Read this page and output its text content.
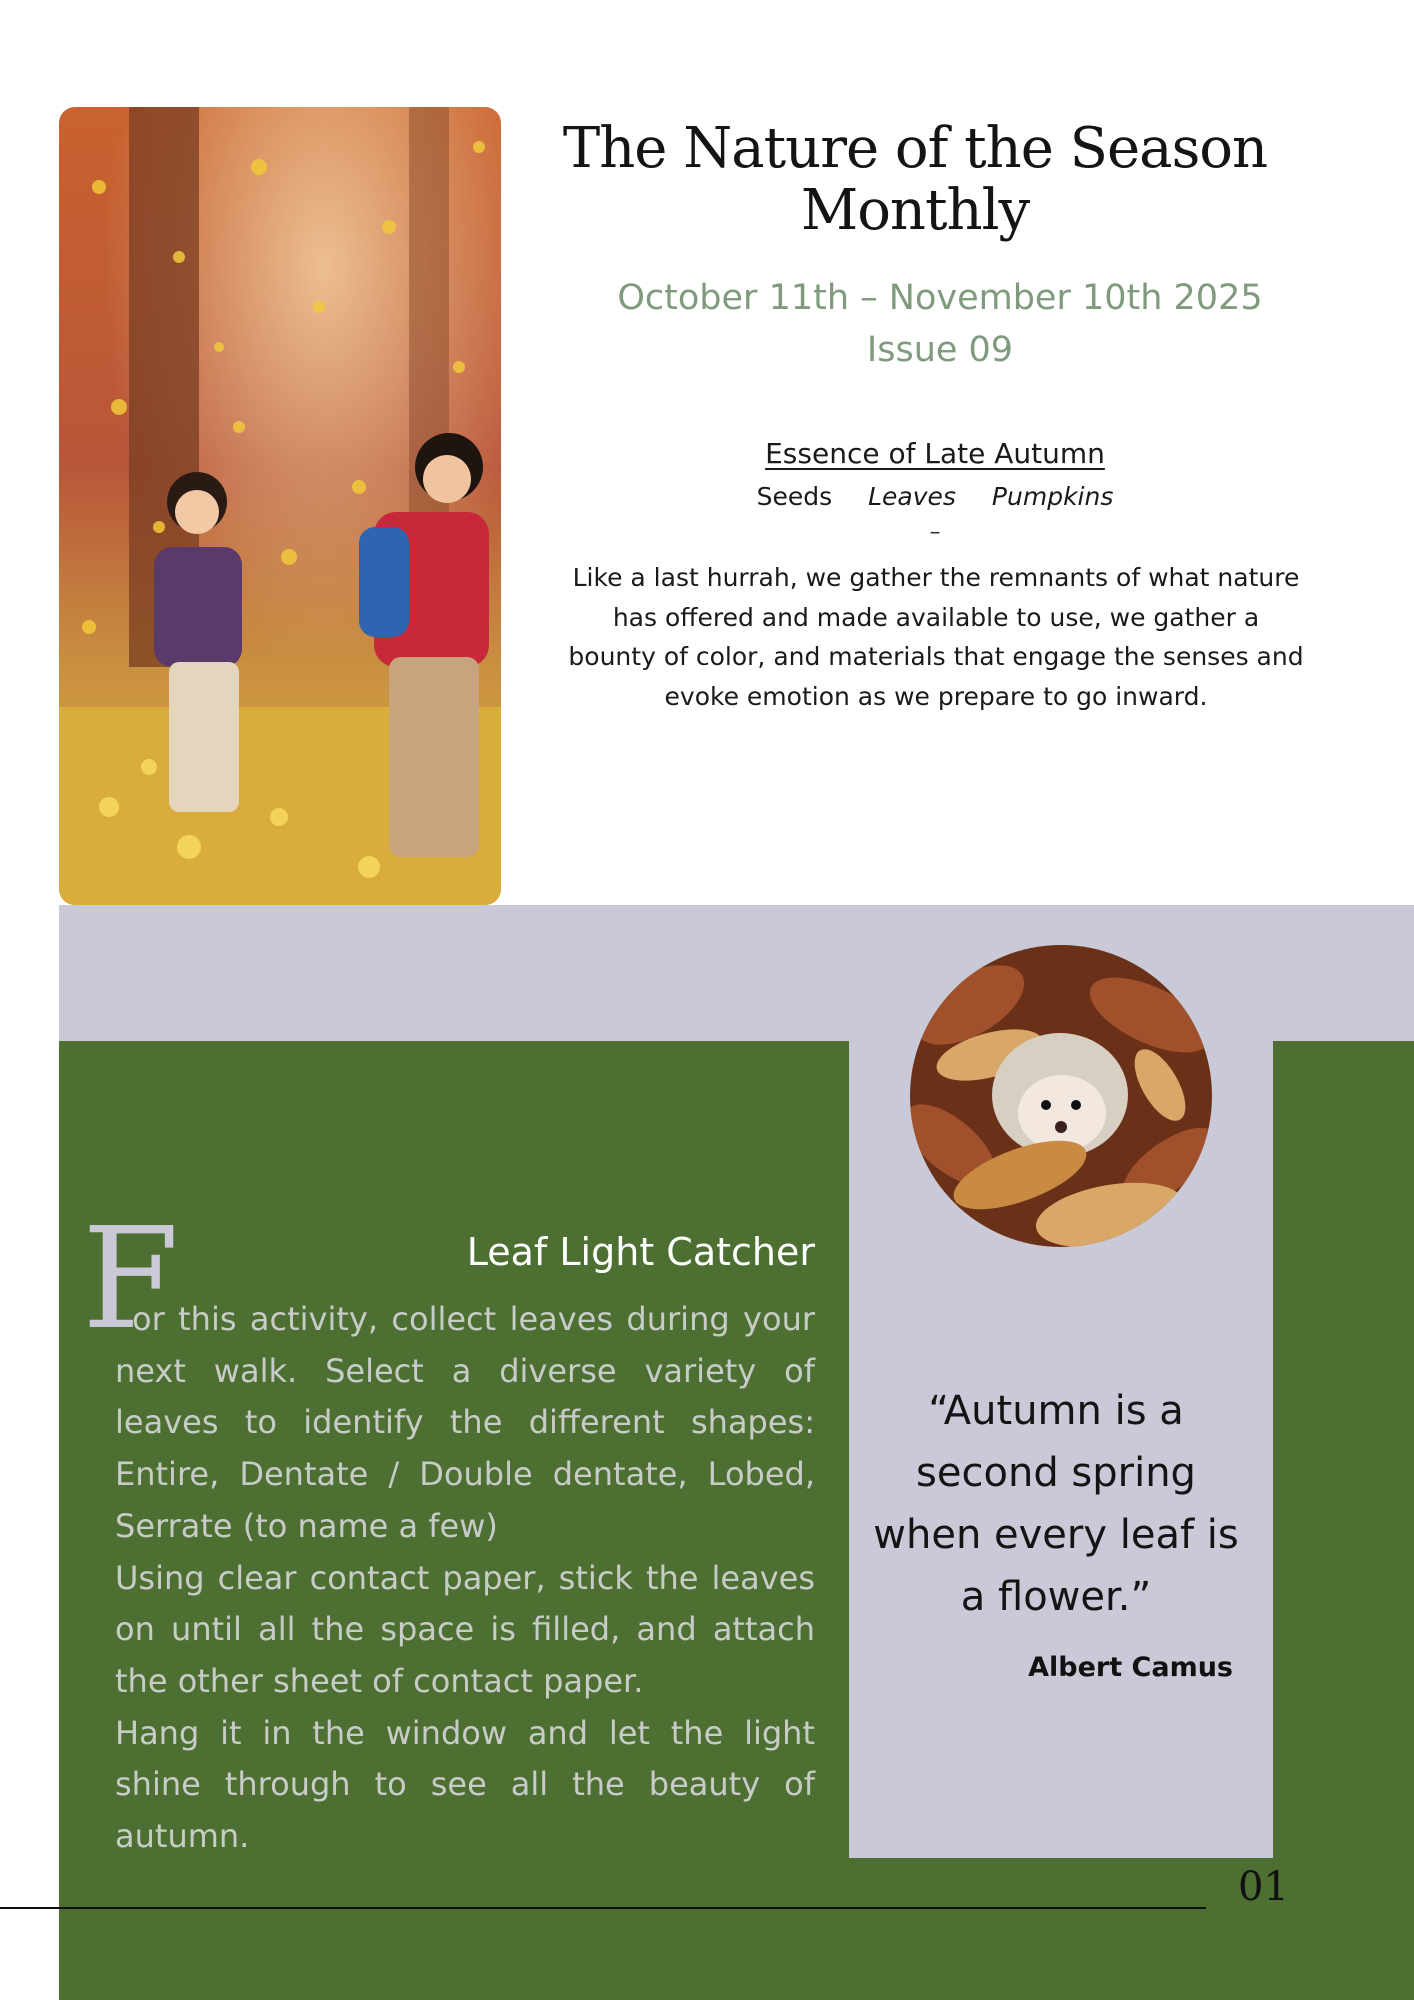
The Nature of the Season
Monthly
October 11th – November 10th 2025
Issue 09
Essence of Late Autumn
Seeds Leaves Pumpkins
–
Like a last hurrah, we gather the remnants of what nature has offered and made available to use, we gather a bounty of color, and materials that engage the senses and evoke emotion as we prepare to go inward.
“Autumn is a second spring when every leaf is a flower.”
Albert Camus
Leaf Light Catcher
F

or this activity, collect leaves during your next walk. Select a diverse variety of leaves to identify the different shapes: Entire, Dentate / Double dentate, Lobed, Serrate (to name a few)

Using clear contact paper, stick the leaves on until all the space is filled, and attach the other sheet of contact paper.

Hang it in the window and let the light shine through to see all the beauty of autumn.

01
